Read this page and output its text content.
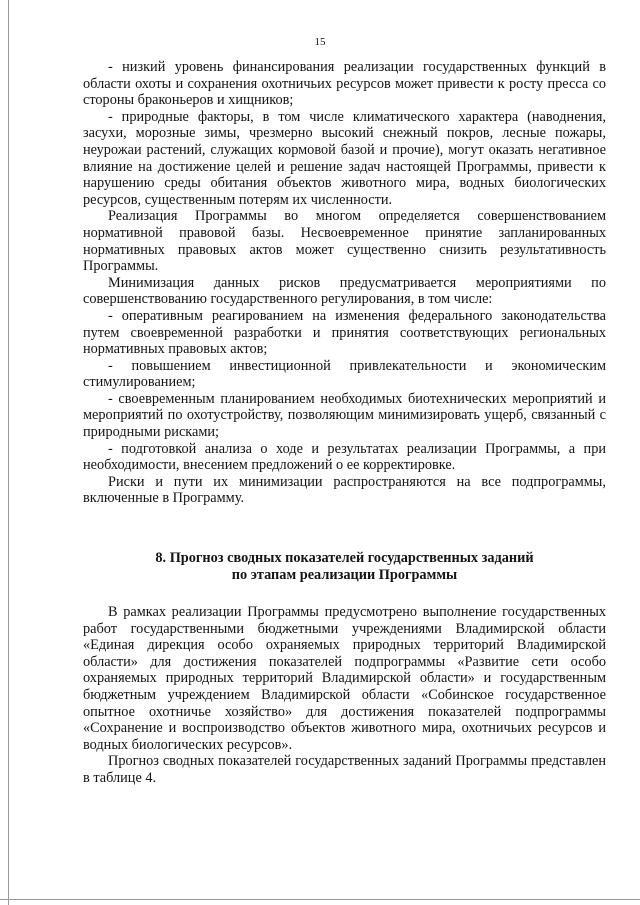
15

- низкий уровень финансирования реализации государственных функций в области охоты и сохранения охотничьих ресурсов может привести к росту пресса со стороны браконьеров и хищников;

- природные факторы, в том числе климатического характера (наводнения, засухи, морозные зимы, чрезмерно высокий снежный покров, лесные пожары, неурожаи растений, служащих кормовой базой и прочие), могут оказать негативное влияние на достижение целей и решение задач настоящей Программы, привести к нарушению среды обитания объектов животного мира, водных биологических ресурсов, существенным потерям их численности.

Реализация Программы во многом определяется совершенствованием нормативной правовой базы. Несвоевременное принятие запланированных нормативных правовых актов может существенно снизить результативность Программы.

Минимизация данных рисков предусматривается мероприятиями по совершенствованию государственного регулирования, в том числе:

- оперативным реагированием на изменения федерального законодательства путем своевременной разработки и принятия соответствующих региональных нормативных правовых актов;

- повышением инвестиционной привлекательности и экономическим стимулированием;

- своевременным планированием необходимых биотехнических мероприятий и мероприятий по охотустройству, позволяющим минимизировать ущерб, связанный с природными рисками;

- подготовкой анализа о ходе и результатах реализации Программы, а при необходимости, внесением предложений о ее корректировке.

Риски и пути их минимизации распространяются на все подпрограммы, включенные в Программу.

8. Прогноз сводных показателей государственных заданий
по этапам реализации Программы

В рамках реализации Программы предусмотрено выполнение государственных работ государственными бюджетными учреждениями Владимирской области «Единая дирекция особо охраняемых природных территорий Владимирской области» для достижения показателей подпрограммы «Развитие сети особо охраняемых природных территорий Владимирской области» и государственным бюджетным учреждением Владимирской области «Собинское государственное опытное охотничье хозяйство» для достижения показателей подпрограммы «Сохранение и воспроизводство объектов животного мира, охотничьих ресурсов и водных биологических ресурсов».

Прогноз сводных показателей государственных заданий Программы представлен в таблице 4.
